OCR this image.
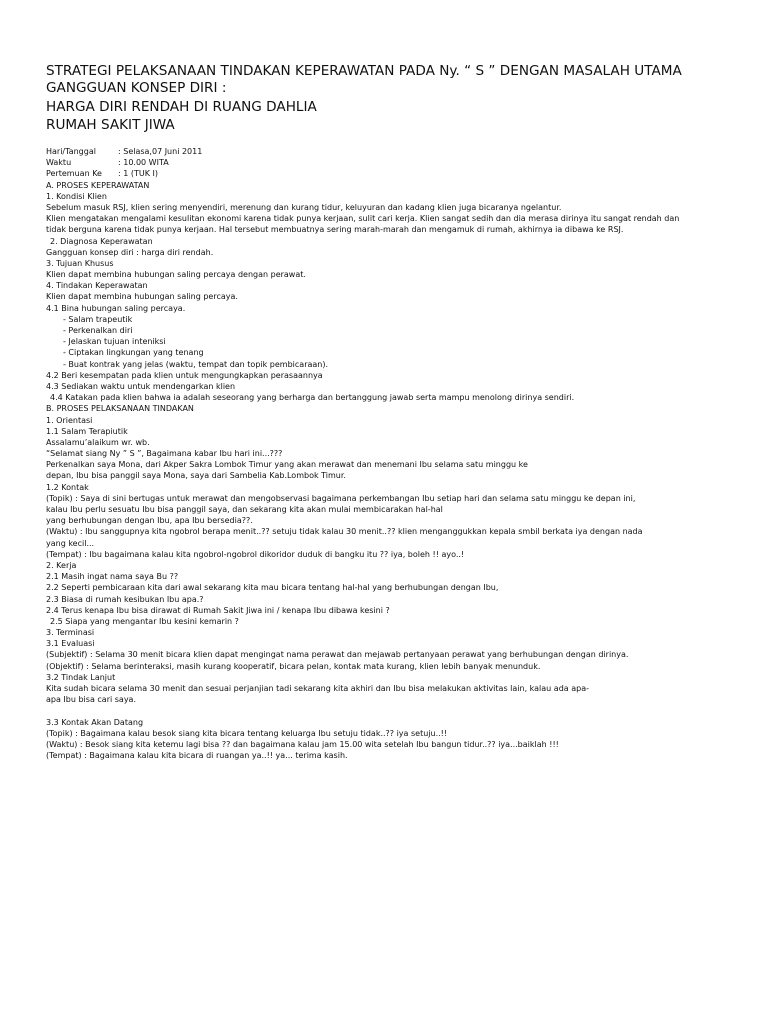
STRATEGI PELAKSANAAN TINDAKAN KEPERAWATAN PADA Ny. “ S ” DENGAN MASALAH UTAMA
GANGGUAN KONSEP DIRI :
HARGA DIRI RENDAH DI RUANG DAHLIA
RUMAH SAKIT JIWA
Hari/Tanggal	: Selasa,07 Juni 2011
Waktu	: 10.00 WITA
Pertemuan Ke	: 1 (TUK I)
A. PROSES KEPERAWATAN
1. Kondisi Klien
Sebelum masuk RSJ, klien sering menyendiri, merenung dan kurang tidur, keluyuran dan kadang klien juga bicaranya ngelantur.
Klien mengatakan mengalami kesulitan ekonomi karena tidak punya kerjaan, sulit cari kerja. Klien sangat sedih dan dia merasa dirinya itu sangat rendah dan
tidak berguna karena tidak punya kerjaan. Hal tersebut membuatnya sering marah-marah dan mengamuk di rumah, akhirnya ia dibawa ke RSJ.
2. Diagnosa Keperawatan
Gangguan konsep diri : harga diri rendah.
3. Tujuan Khusus
Klien dapat membina hubungan saling percaya dengan perawat.
4. Tindakan Keperawatan
Klien dapat membina hubungan saling percaya.
4.1 Bina hubungan saling percaya.
- Salam trapeutik
- Perkenalkan diri
- Jelaskan tujuan inteniksi
- Ciptakan lingkungan yang tenang
- Buat kontrak yang jelas (waktu, tempat dan topik pembicaraan).
4.2 Beri kesempatan pada klien untuk mengungkapkan perasaannya
4.3 Sediakan waktu untuk mendengarkan klien
4.4 Katakan pada klien bahwa ia adalah seseorang yang berharga dan bertanggung jawab serta mampu menolong dirinya sendiri.
B. PROSES PELAKSANAAN TINDAKAN
1. Orientasi
1.1 Salam Terapiutik
Assalamu’alaikum wr. wb.
“Selamat siang Ny ” S ”, Bagaimana kabar Ibu hari ini...???
Perkenalkan saya Mona, dari Akper Sakra Lombok Timur yang akan merawat dan menemani Ibu selama satu minggu ke
depan, Ibu bisa panggil saya Mona, saya dari Sambelia Kab.Lombok Timur.
1.2 Kontak
(Topik) : Saya di sini bertugas untuk merawat dan mengobservasi bagaimana perkembangan Ibu setiap hari dan selama satu minggu ke depan ini,
kalau Ibu perlu sesuatu Ibu bisa panggil saya, dan sekarang kita akan mulai membicarakan hal-hal
yang berhubungan dengan Ibu, apa Ibu bersedia??.
(Waktu) : Ibu sanggupnya kita ngobrol berapa menit..?? setuju tidak kalau 30 menit..?? klien menganggukkan kepala smbil berkata iya dengan nada
yang kecil...
(Tempat) : Ibu bagaimana kalau kita ngobrol-ngobrol dikoridor duduk di bangku itu ?? iya, boleh !! ayo..!
2. Kerja
2.1 Masih ingat nama saya Bu ??
2.2 Seperti pembicaraan kita dari awal sekarang kita mau bicara tentang hal-hal yang berhubungan dengan Ibu,
2.3 Biasa di rumah kesibukan Ibu apa.?
2.4 Terus kenapa Ibu bisa dirawat di Rumah Sakit Jiwa ini / kenapa Ibu dibawa kesini ?
2.5 Siapa yang mengantar Ibu kesini kemarin ?
3. Terminasi
3.1 Evaluasi
(Subjektif) : Selama 30 menit bicara klien dapat mengingat nama perawat dan mejawab pertanyaan perawat yang berhubungan dengan dirinya.
(Objektif) : Selama berinteraksi, masih kurang kooperatif, bicara pelan, kontak mata kurang, klien lebih banyak menunduk.
3.2 Tindak Lanjut
Kita sudah bicara selama 30 menit dan sesuai perjanjian tadi sekarang kita akhiri dan Ibu bisa melakukan aktivitas lain, kalau ada apa-
apa Ibu bisa cari saya.
3.3 Kontak Akan Datang
(Topik) : Bagaimana kalau besok siang kita bicara tentang keluarga Ibu setuju tidak..?? iya setuju..!!
(Waktu) : Besok siang kita ketemu lagi bisa ?? dan bagaimana kalau jam 15.00 wita setelah Ibu bangun tidur..?? iya...baiklah !!!
(Tempat) : Bagaimana kalau kita bicara di ruangan ya..!! ya... terima kasih.
